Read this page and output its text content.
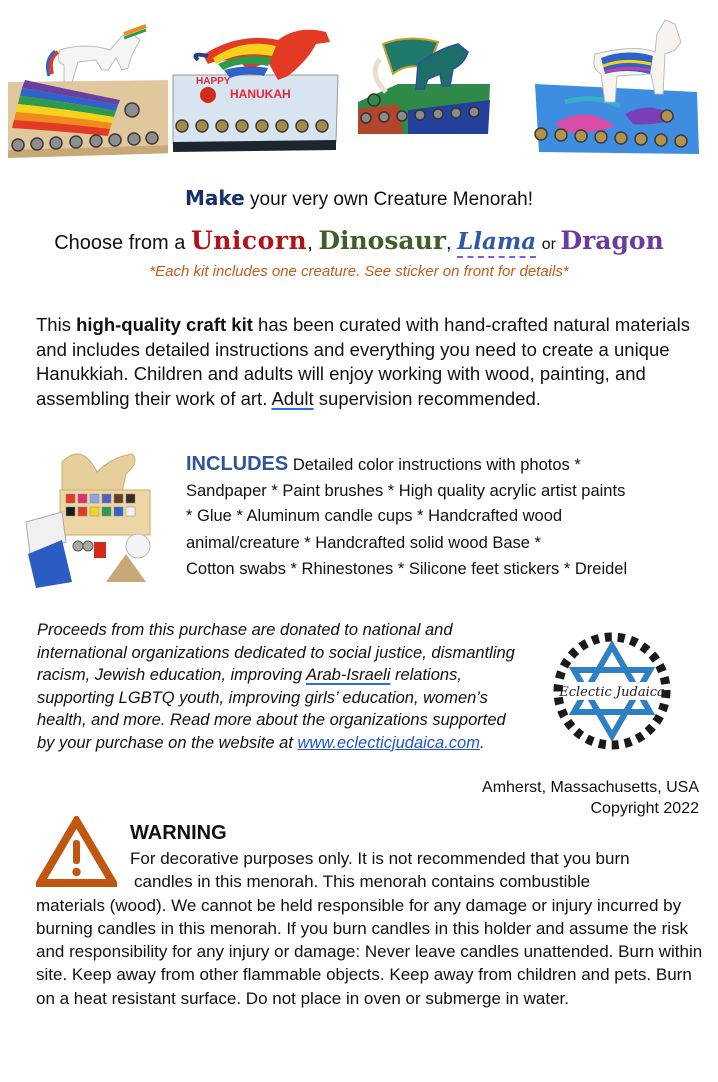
HAPPY
HANUKAH
Make your very own Creature Menorah!
Choose from a Unicorn, Dinosaur, Llama or Dragon
*Each kit includes one creature. See sticker on front for details*
This high-quality craft kit has been curated with hand-crafted natural materials and includes detailed instructions and everything you need to create a unique Hanukkiah. Children and adults will enjoy working with wood, painting, and assembling their work of art. Adult supervision recommended.
INCLUDES Detailed color instructions with photos *
Sandpaper * Paint brushes * High quality acrylic artist paints
* Glue * Aluminum candle cups * Handcrafted wood
animal/creature * Handcrafted solid wood Base *
Cotton swabs * Rhinestones * Silicone feet stickers * Dreidel
Proceeds from this purchase are donated to national and international organizations dedicated to social justice, dismantling racism, Jewish education, improving Arab-Israeli relations, supporting LGBTQ youth, improving girls’ education, women’s health, and more. Read more about the organizations supported by your purchase on the website at www.eclecticjudaica.com.
Eclectic Judaica
Amherst, Massachusetts, USA
Copyright 2022
WARNING
For decorative purposes only. It is not recommended that you burn
candles in this menorah. This menorah contains combustible
materials (wood). We cannot be held responsible for any damage or injury incurred by burning candles in this menorah. If you burn candles in this holder and assume the risk and responsibility for any injury or damage: Never leave candles unattended. Burn within site. Keep away from other flammable objects. Keep away from children and pets. Burn on a heat resistant surface. Do not place in oven or submerge in water.
